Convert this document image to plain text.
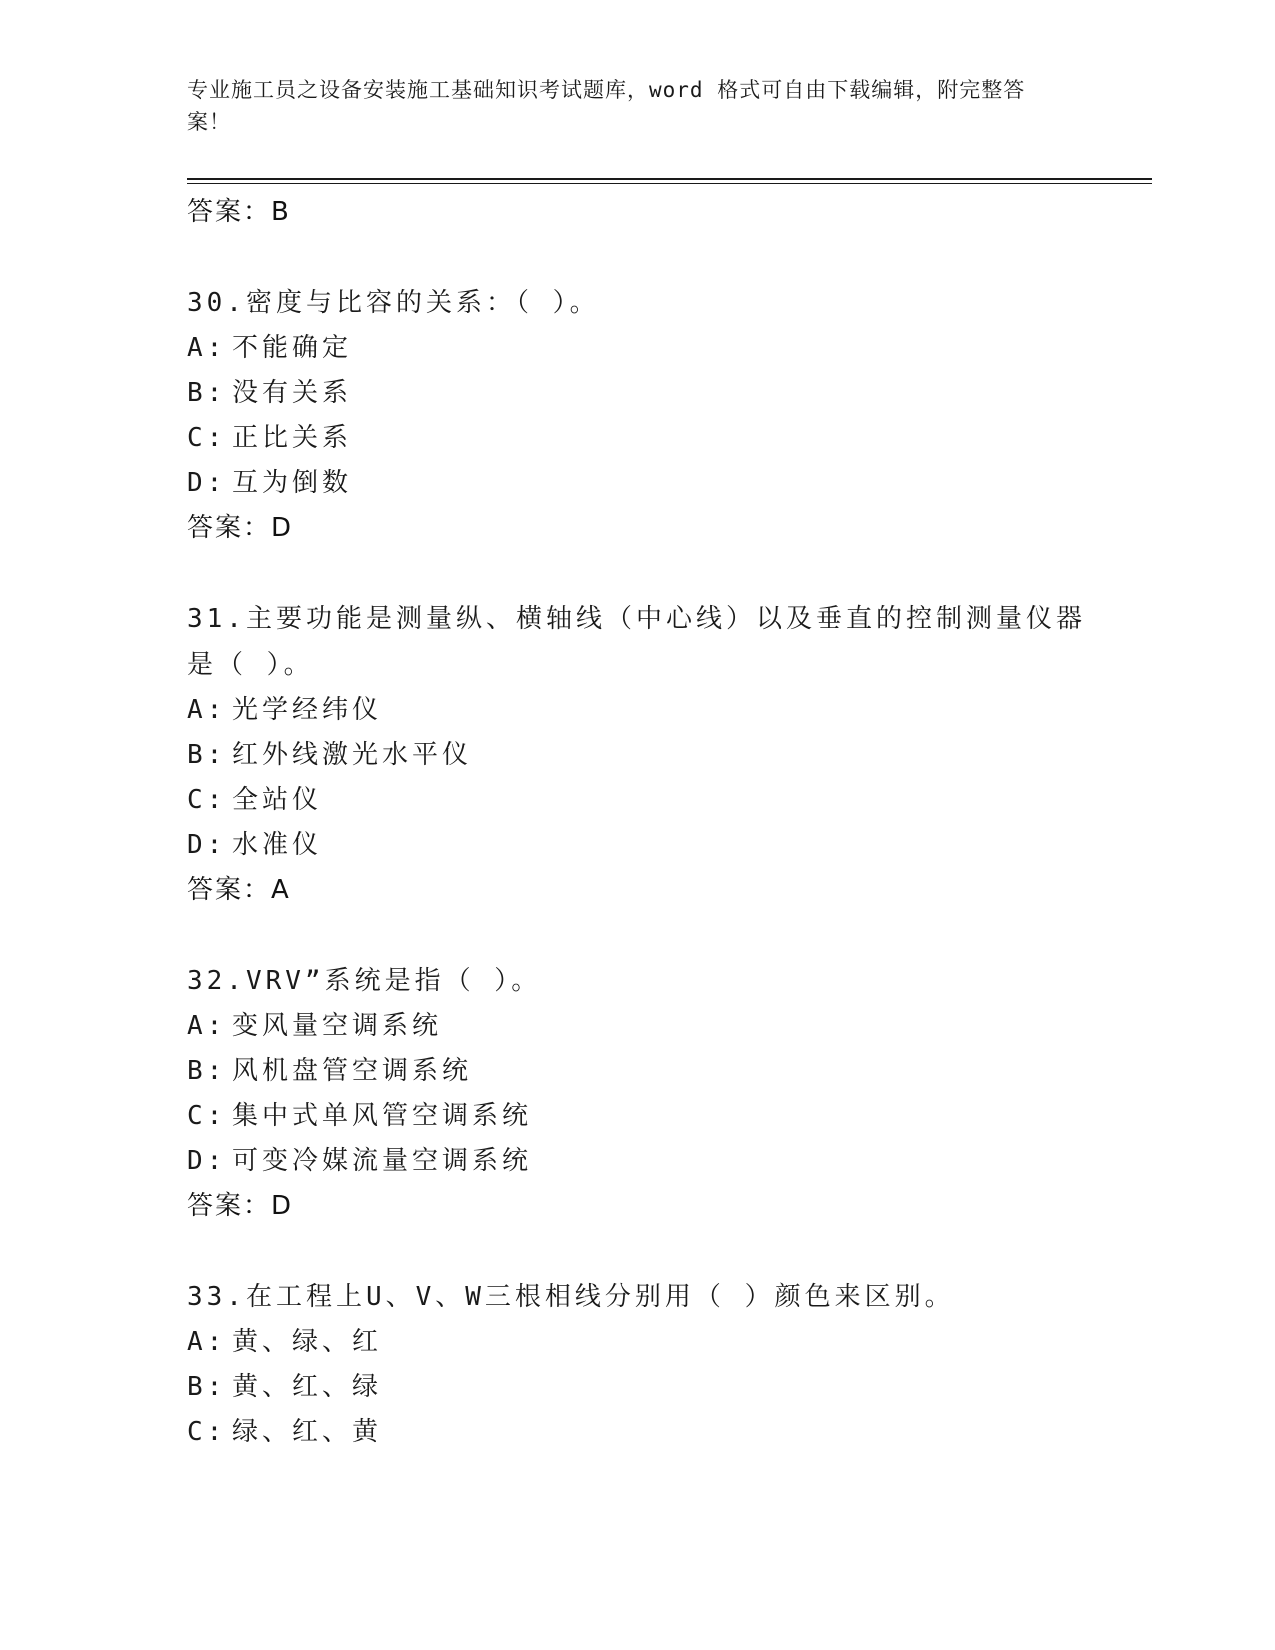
专业施工员之设备安装施工基础知识考试题库，word 格式可自由下载编辑，附完整答案！
答案：B
30.密度与比容的关系：（ ）。
A: 不能确定
B: 没有关系
C: 正比关系
D: 互为倒数
答案：D
31.主要功能是测量纵、横轴线（中心线）以及垂直的控制测量仪器是（ ）。
A: 光学经纬仪
B: 红外线激光水平仪
C: 全站仪
D: 水准仪
答案：A
32.VRV”系统是指（ ）。
A: 变风量空调系统
B: 风机盘管空调系统
C: 集中式单风管空调系统
D: 可变冷媒流量空调系统
答案：D
33.在工程上U、V、W三根相线分别用（ ）颜色来区别。
A: 黄、绿、红
B: 黄、红、绿
C: 绿、红、黄
